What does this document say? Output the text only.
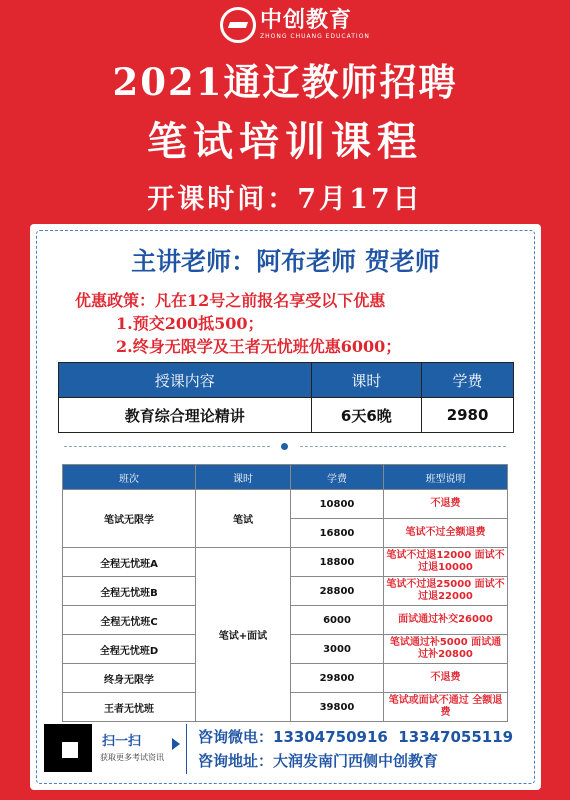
中创教育
ZHONG CHUANG EDUCATION
2021通辽教师招聘
笔试培训课程
开课时间：7月17日
主讲老师：阿布老师 贺老师
优惠政策：凡在12号之前报名享受以下优惠
1.预交200抵500；
2.终身无限学及王者无忧班优惠6000；
授课内容	课时	学费
教育综合理论精讲	6天6晚	2980
班次	课时	学费	班型说明
笔试无限学	笔试	10800	不退费
		16800	笔试不过全额退费
全程无忧班A	笔试+面试	18800	笔试不过退12000 面试不过退10000
全程无忧班B		28800	笔试不过退25000 面试不过退22000
全程无忧班C		6000	面试通过补交26000
全程无忧班D		3000	笔试通过补5000 面试通过补20800
终身无限学		29800	不退费
王者无忧班		39800	笔试或面试不通过 全额退费
扫一扫
获取更多考试资讯
咨询微电：13304750916  13347055119
咨询地址：大润发南门西侧中创教育
